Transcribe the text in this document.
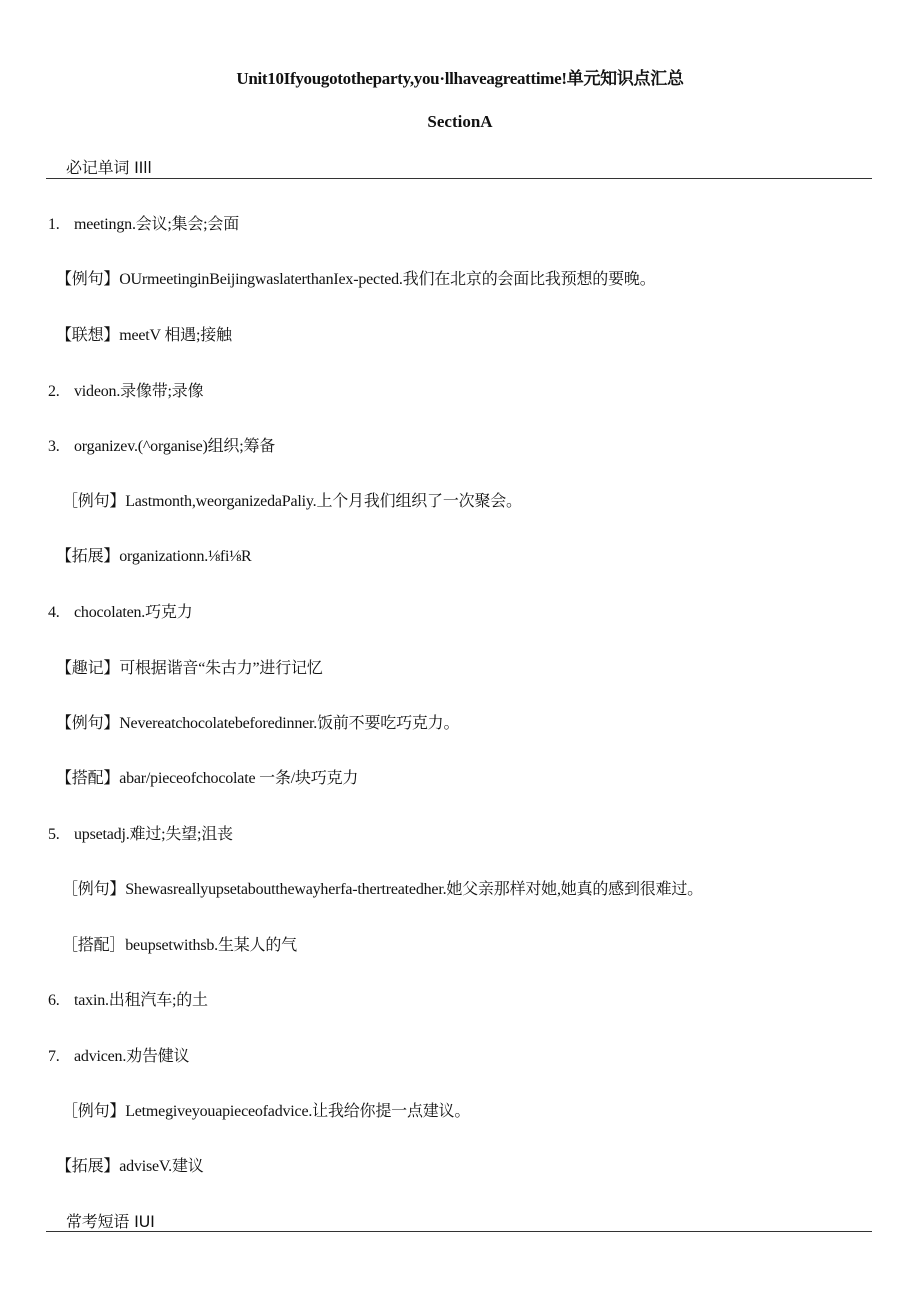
Unit10Ifyougototheparty,you·llhaveagreattime!单元知识点汇总
SectionA
必记单词 IIll
1. meetingn.会议;集会;会面
【例句】OUrmeetinginBeijingwaslaterthanIex-pected.我们在北京的会面比我预想的要晚。
【联想】meetV 相遇;接触
2. videon.录像带;录像
3. organizev.(^organise)组织;筹备
［例句】Lastmonth,weorganizedaPaliy.上个月我们组织了一次聚会。
【拓展】organizationn.⅛fi⅛R
4. chocolaten.巧克力
【趣记】可根据谐音“朱古力”进行记忆
【例句】Nevereatchocolatebeforedinner.饭前不要吃巧克力。
【搭配】abar/pieceofchocolate 一条/块巧克力
5. upsetadj.难过;失望;沮丧
［例句】Shewasreallyupsetaboutthewayherfa-thertreatedher.她父亲那样对她,她真的感到很难过。
［搭配］beupsetwithsb.生某人的气
6. taxin.出租汽车;的土
7. advicen.劝告健议
［例句】Letmegiveyouapieceofadvice.让我给你提一点建议。
【拓展】adviseV.建议
常考短语 IUI
